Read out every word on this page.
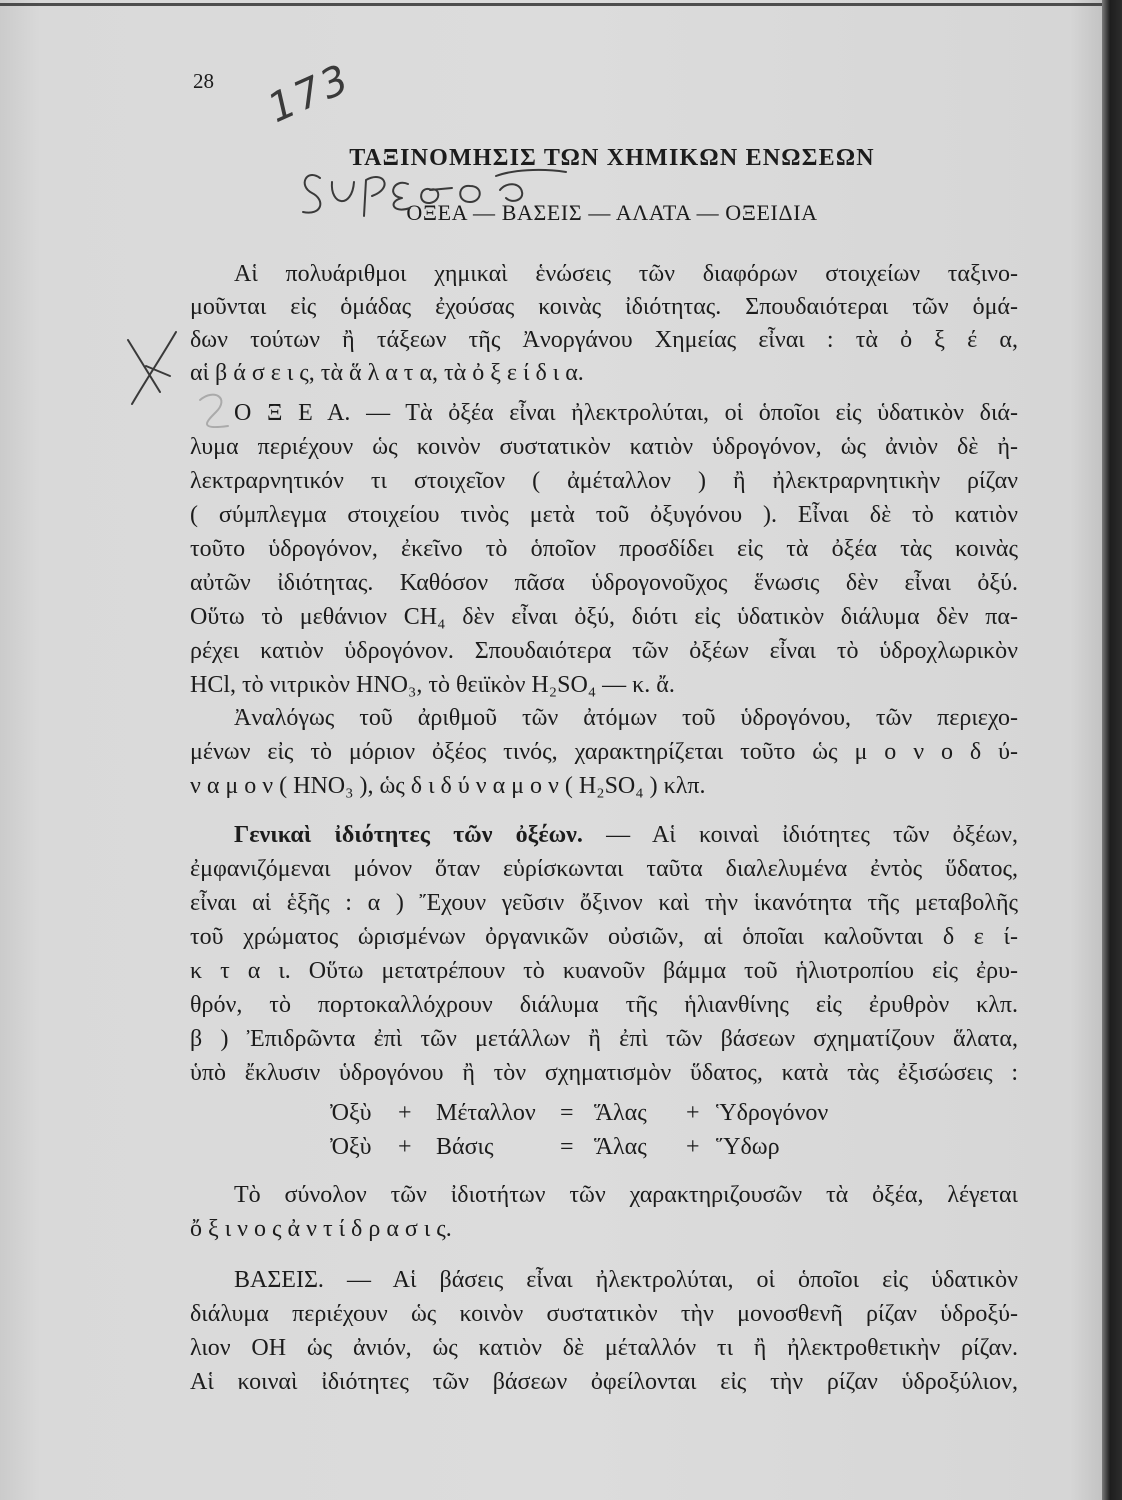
28 173
ΤΑΞΙΝΟΜΗΣΙΣ ΤΩΝ ΧΗΜΙΚΩΝ ΕΝΩΣΕΩΝ
ΟΞΕΑ — ΒΑΣΕΙΣ — ΑΛΑΤΑ — ΟΞΕΙΔΙΑ
Αἱ πολυάριθμοι χημικαὶ ἑνώσεις τῶν διαφόρων στοιχείων ταξινο-
μοῦνται εἰς ὁμάδας ἐχούσας κοινὰς ἰδιότητας. Σπουδαιότεραι τῶν ὁμά-
δων τούτων ἢ τάξεων τῆς Ἀνοργάνου Χημείας εἶναι : τὰ ὀ ξ έ α,
αἱ β ά σ ε ι ς, τὰ ἅ λ α τ α, τὰ ὀ ξ ε ί δ ι α.
Ο Ξ Ε Α. — Τὰ ὀξέα εἶναι ἠλεκτρολύται, οἱ ὁποῖοι εἰς ὑδατικὸν διά-
λυμα περιέχουν ὡς κοινὸν συστατικὸν κατιὸν ὑδρογόνον, ὡς ἀνιὸν δὲ ἠ-
λεκτραρνητικόν τι στοιχεῖον ( ἀμέταλλον ) ἢ ἠλεκτραρνητικὴν ρίζαν
( σύμπλεγμα στοιχείου τινὸς μετὰ τοῦ ὀξυγόνου ). Εἶναι δὲ τὸ κατιὸν
τοῦτο ὑδρογόνον, ἐκεῖνο τὸ ὁποῖον προσδίδει εἰς τὰ ὀξέα τὰς κοινὰς
αὐτῶν ἰδιότητας. Καθόσον πᾶσα ὑδρογονοῦχος ἕνωσις δὲν εἶναι ὀξύ.
Οὕτω τὸ μεθάνιον CH₄ δὲν εἶναι ὀξύ, διότι εἰς ὑδατικὸν διάλυμα δὲν πα-
ρέχει κατιὸν ὑδρογόνον. Σπουδαιότερα τῶν ὀξέων εἶναι τὸ ὑδροχλωρικὸν
HCl, τὸ νιτρικὸν HNO₃, τὸ θειϊκὸν H₂SO₄ — κ. ἄ.
Ἀναλόγως τοῦ ἀριθμοῦ τῶν ἀτόμων τοῦ ὑδρογόνου, τῶν περιεχο-
μένων εἰς τὸ μόριον ὀξέος τινός, χαρακτηρίζεται τοῦτο ὡς μ ο ν ο δ ύ-
ν α μ ο ν ( HNO₃ ), ὡς δ ι δ ύ ν α μ ο ν ( H₂SO₄ ) κλπ.
Γενικαὶ ἰδιότητες τῶν ὀξέων. — Αἱ κοιναὶ ἰδιότητες τῶν ὀξέων,
ἐμφανιζόμεναι μόνον ὅταν εὑρίσκωνται ταῦτα διαλελυμένα ἐντὸς ὕδατος,
εἶναι αἱ ἑξῆς : α ) Ἔχουν γεῦσιν ὄξινον καὶ τὴν ἱκανότητα τῆς μεταβολῆς
τοῦ χρώματος ὡρισμένων ὀργανικῶν οὐσιῶν, αἱ ὁποῖαι καλοῦνται δ ε ί-
κ τ α ι. Οὕτω μετατρέπουν τὸ κυανοῦν βάμμα τοῦ ἡλιοτροπίου εἰς ἐρυ-
θρόν, τὸ πορτοκαλλόχρουν διάλυμα τῆς ἡλιανθίνης εἰς ἐρυθρὸν κλπ.
β ) Ἐπιδρῶντα ἐπὶ τῶν μετάλλων ἢ ἐπὶ τῶν βάσεων σχηματίζουν ἅλατα,
ὑπὸ ἔκλυσιν ὑδρογόνου ἢ τὸν σχηματισμὸν ὕδατος, κατὰ τὰς ἐξισώσεις :
Ὀξὺ	+	Μέταλλον	= Ἅλας	+ Ὑδρογόνον
Ὀξὺ	+	Βάσις	= Ἅλας	+ Ὕδωρ
Τὸ σύνολον τῶν ἰδιοτήτων τῶν χαρακτηριζουσῶν τὰ ὀξέα, λέγεται
ὄ ξ ι ν ο ς ἀ ν τ ί δ ρ α σ ι ς.
ΒΑΣΕΙΣ. — Αἱ βάσεις εἶναι ἠλεκτρολύται, οἱ ὁποῖοι εἰς ὑδατικὸν
διάλυμα περιέχουν ὡς κοινὸν συστατικὸν τὴν μονοσθενῆ ρίζαν ὑδροξύ-
λιον OH ὡς ἀνιόν, ὡς κατιὸν δὲ μέταλλόν τι ἢ ἠλεκτροθετικὴν ρίζαν.
Αἱ κοιναὶ ἰδιότητες τῶν βάσεων ὀφείλονται εἰς τὴν ρίζαν ὑδροξύλιον,
